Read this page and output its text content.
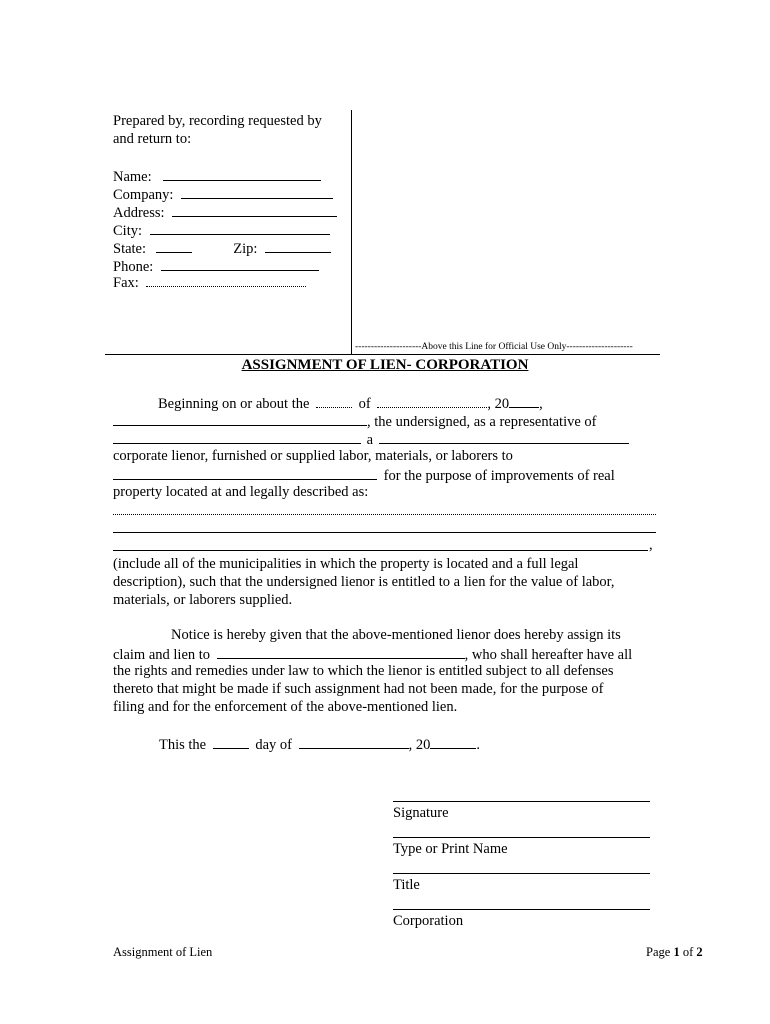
Prepared by, recording requested by
and return to:
Name:
Company:
Address:
City:
State:	Zip:
Phone:
Fax:
---------------------Above this Line for Official Use Only---------------------
ASSIGNMENT OF LIEN- CORPORATION
Beginning on or about the	of	, 20 ,
, the undersigned, as a representative of
a
corporate lienor, furnished or supplied labor, materials, or laborers to
for the purpose of improvements of real
property located at and legally described as:
,
(include all of the municipalities in which the property is located and a full legal
description), such that the undersigned lienor is entitled to a lien for the value of labor,
materials, or laborers supplied.
Notice is hereby given that the above-mentioned lienor does hereby assign its
claim and lien to	, who shall hereafter have all
the rights and remedies under law to which the lienor is entitled subject to all defenses
thereto that might be made if such assignment had not been made, for the purpose of
filing and for the enforcement of the above-mentioned lien.
This the	day of	, 20	.
Signature
Type or Print Name
Title
Corporation
Assignment of Lien	Page 1 of 2
